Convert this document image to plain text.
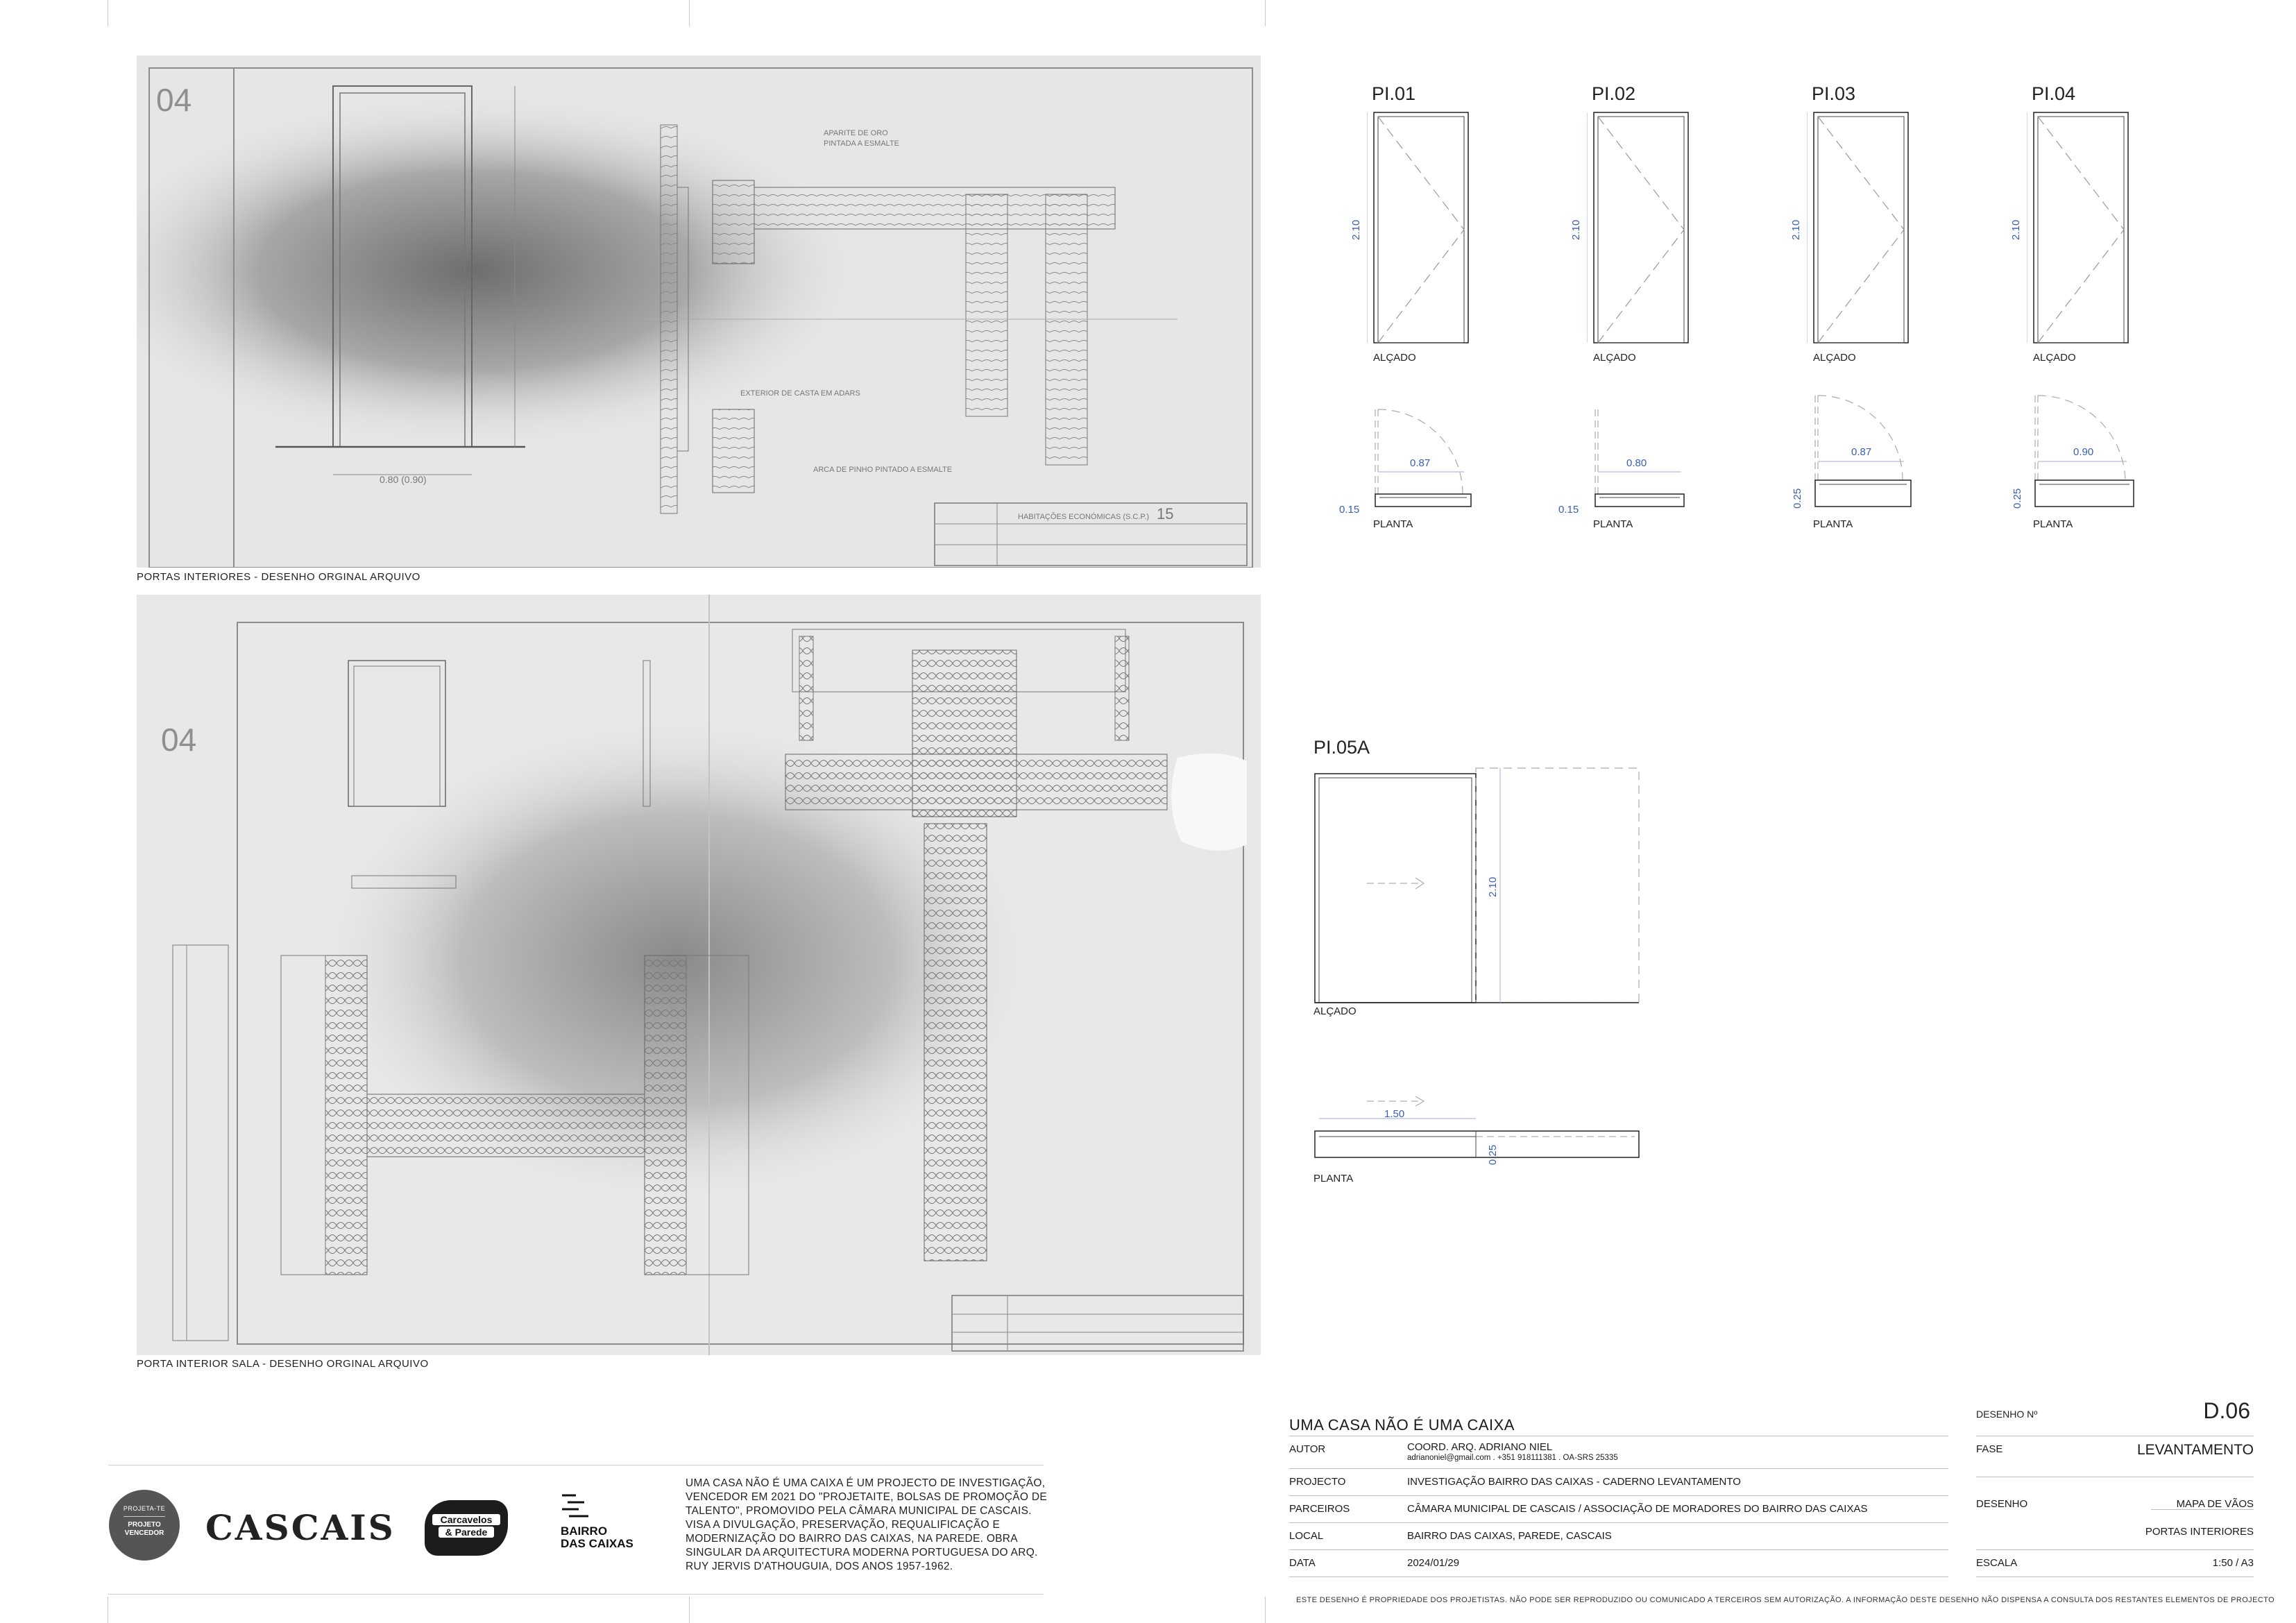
04
0.80 (0.90)
APARITE DE ORO
PINTADA A ESMALTE
EXTERIOR DE CASTA EM ADARS
ARCA DE PINHO PINTADO A ESMALTE
HABITAÇÕES ECONÓMICAS (S.C.P.) 15
PORTAS INTERIORES - DESENHO ORGINAL ARQUIVO
04
PORTA INTERIOR SALA - DESENHO ORGINAL ARQUIVO
PI.01
2.10
ALÇADO
0.87
0.15
PLANTA
PI.02
2.10
ALÇADO
0.80
0.15
PLANTA
PI.03
2.10
ALÇADO
0.87
0.25
PLANTA
PI.04
2.10
ALÇADO
0.90
0.25
PLANTA
PI.05A
2.10
ALÇADO
1.50
0.25
PLANTA
PROJETA-TE
PROJETO VENCEDOR CASCAIS	Carcavelos
& Parede	BAIRRO
DAS CAIXAS
UMA CASA NÃO É UMA CAIXA É UM PROJECTO DE INVESTIGAÇÃO, VENCEDOR EM 2021 DO "PROJETAITE, BOLSAS DE PROMOÇÃO DE TALENTO", PROMOVIDO PELA CÂMARA MUNICIPAL DE CASCAIS. VISA A DIVULGAÇÃO, PRESERVAÇÃO, REQUALIFICAÇÃO E MODERNIZAÇÃO DO BAIRRO DAS CAIXAS, NA PAREDE. OBRA SINGULAR DA ARQUITECTURA MODERNA PORTUGUESA DO ARQ. RUY JERVIS D'ATHOUGUIA, DOS ANOS 1957-1962.
UMA CASA NÃO É UMA CAIXA
AUTOR	COORD. ARQ. ADRIANO NIEL
adrianoniel@gmail.com . +351 918111381 . OA-SRS 25335
PROJECTO	INVESTIGAÇÃO BAIRRO DAS CAIXAS - CADERNO LEVANTAMENTO
PARCEIROS	CÂMARA MUNICIPAL DE CASCAIS / ASSOCIAÇÃO DE MORADORES DO BAIRRO DAS CAIXAS
LOCAL	BAIRRO DAS CAIXAS, PAREDE, CASCAIS
DATA	2024/01/29
DESENHO Nº	D.06
FASE	LEVANTAMENTO
DESENHO	MAPA DE VÃOS
PORTAS INTERIORES
ESCALA	1:50 / A3
ESTE DESENHO É PROPRIEDADE DOS PROJETISTAS. NÃO PODE SER REPRODUZIDO OU COMUNICADO A TERCEIROS SEM AUTORIZAÇÃO. A INFORMAÇÃO DESTE DESENHO NÃO DISPENSA A CONSULTA DOS RESTANTES ELEMENTOS DE PROJECTO
